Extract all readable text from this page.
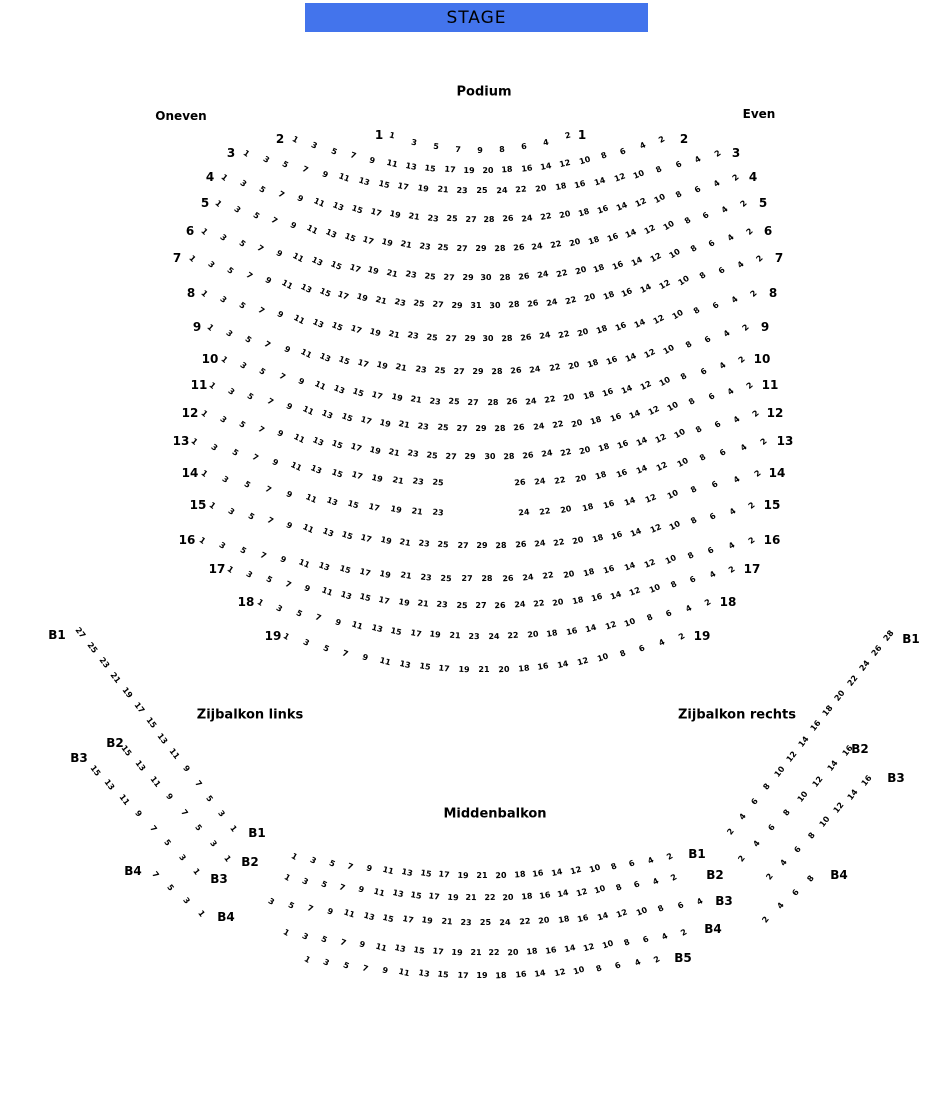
STAGE
Podium
Oneven	Even
Zijbalkon links	Zijbalkon rechts
Middenbalkon
1	1
1
3 5 7 9 8 6 4
2
2	2
1
3
5 7 9 11 13 15 17 19 20 18 16 14 12 10 8 6
4
2
3	3
1
3
5 7 9 11 13 15 17 19 21 23 25 24 22 20 18 16 14 12 10 8 6
4
2
4	4
1
3
5 7 9 11 13 15 17 19 21 23 25 27 28 26 24 22 20 18 16 14 12 10 8 6
4
2
5	5
1
3
5 7 9 11 13 15 17 19 21 23 25 27 29 28 26 24 22 20 18 16 14 12 10 8 6
4
2
6	6
1
3
5 7 9 11 13 15 17 19 21 23 25 27 29 30 28 26 24 22 20 18 16 14 12 10 8 6
4
2
7	7
1
3
5 7 9 11 13 15 17 19 21 23 25 27 29 31 30 28 26 24 22 20 18 16 14 12 10 8 6
4
2
8	8
1
3
5 7 9 11 13 15 17 19 21 23 25 27 29 30 28 26 24 22 20 18 16 14 12 10 8 6
4
2
9	9
1
3
5 7 9 11 13 15 17 19 21 23 25 27 29 28 26 24 22 20 18 16 14 12 10 8 6
4
2
10	10
1
3
5 7 9 11 13 15 17 19 21 23 25 27 28 26 24 22 20 18 16 14 12 10 8 6
4
2
11	11
1
3
5 7 9 11 13 15 17 19 21 23 25 27 29 28 26 24 22 20 18 16 14 12 10 8 6
4
2
12	12
1
3
5 7 9 11 13 15 17 19 21 23 25 27 29 30 28 26 24 22 20 18 16 14 12 10 8 6
4
2
13	13
1
3
5 7 9 11 13 15 17 19 21 23 25	26 24 22 20 18 16 14 12 10 8 6
4
2
14	14
1
3
5 7 9 11 13 15 17 19 21 23	24 22 20 18 16 14 12 10 8 6
4
2
15	15
1
3 5 7 9 11 13 15 17 19 21 23 25 27 29 28 26 24 22 20 18 16 14 12 10 8 6 4
2
16	16
1
3 5 7 9 11 13 15 17 19 21 23 25 27 28 26 24 22 20 18 16 14 12 10 8 6 4
2
17	17
1
3 5 7 9 11 13 15 17 19 21 23 25 27 26 24 22 20 18 16 14 12 10 8 6 4
2
18	18
1
3 5 7 9 11 13 15 17 19 21 23 24 22 20 18 16 14 12 10 8 6 4
2
19	19
1
3
5 7 9 11 13 15 17 19 21 20 18 16 14 12 10 8 6
4
2
B1
B1
27
25
23
21
19
17
15
13
11
9
7
5
3
1
B2
B2
15
13
11
9
7
5
3
1
B3
B3
15
13
11
9
7
5
3
1
B4
B4
7
5
3
1
B1
28
26
24
22
20
18
16
14
12
10
8
6
4
2
B2
16
14
12
10
8
6
4
2
B3
16
14
12
10
8
6
4
2	B4
8
6
4
2
B1
1 3 5 7 9 11 13 15 17 19 21 20 18 16 14 12 10 8 6 4 2
B2
1 3 5 7 9 11 13 15 17 19 21 22 20 18 16 14 12 10 8 6 4 2
B3
3 5 7 9 11 13 15 17 19 21 23 25 24 22 20 18 16 14 12 10 8 6 4
B4
1 3 5 7 9 11 13 15 17 19 21 22 20 18 16 14 12 10 8 6 4 2
B5
1 3 5 7 9 11 13 15 17 19 18 16 14 12 10 8 6 4 2
